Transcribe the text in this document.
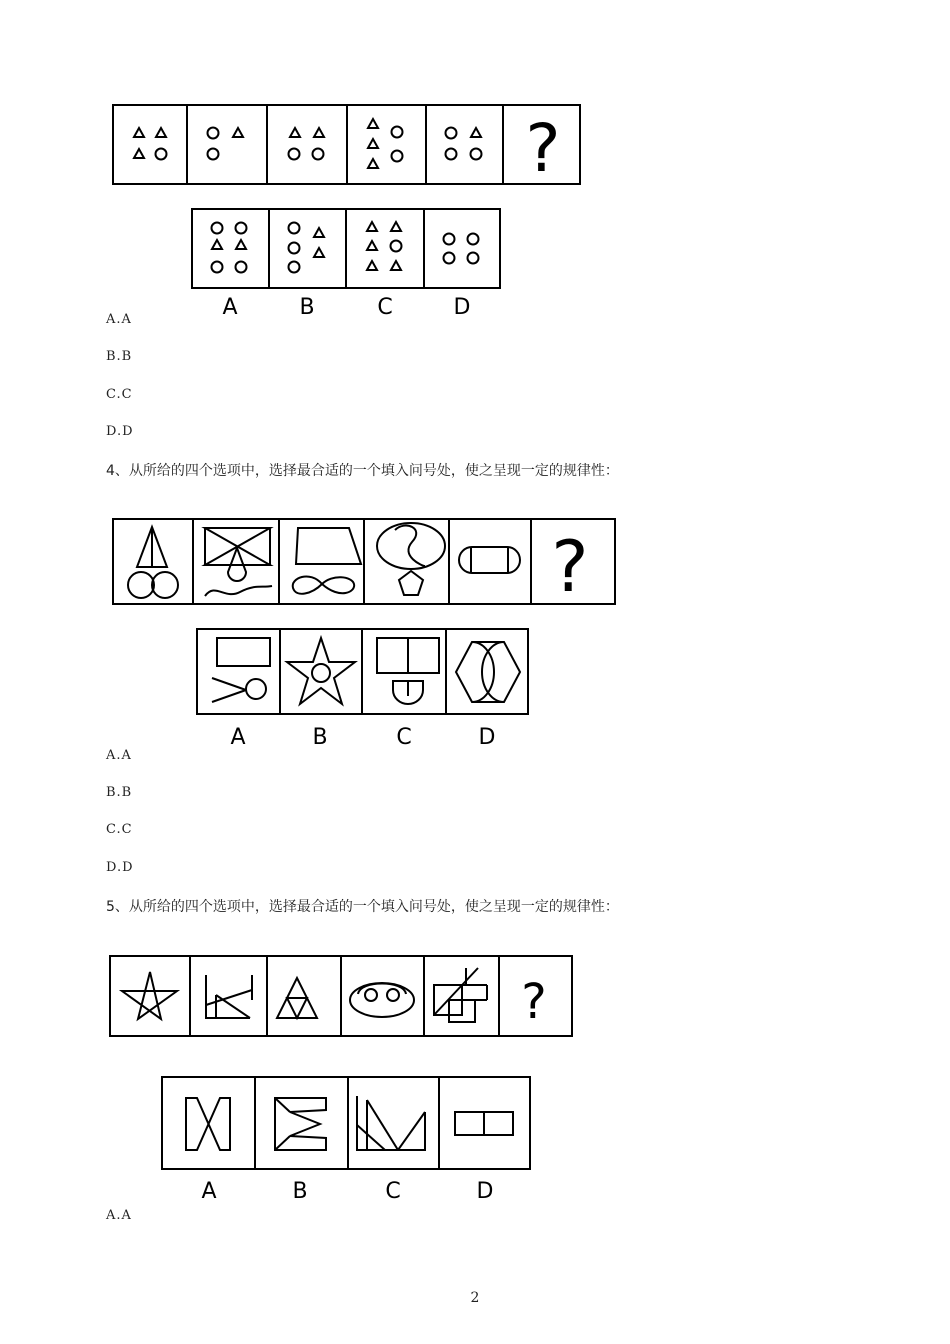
?
A	B	C	D
A.A
B.B
C.C
D.D
4、从所给的四个选项中，选择最合适的一个填入问号处，使之呈现一定的规律性：
?
A	B	C	D
A.A
B.B
C.C
D.D
5、从所给的四个选项中，选择最合适的一个填入问号处，使之呈现一定的规律性：
?
A	B	C	D
A.A
2
